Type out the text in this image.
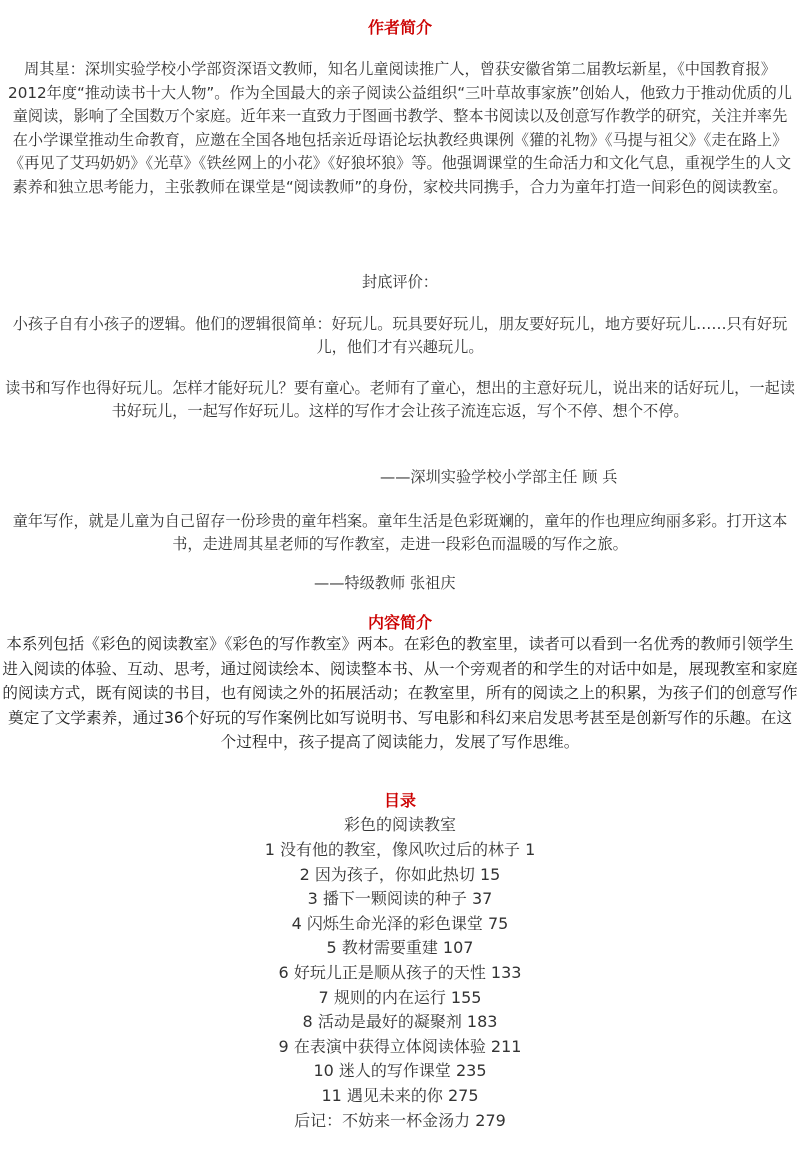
作者简介

周其星：深圳实验学校小学部资深语文教师，知名儿童阅读推广人，曾获安徽省第二届教坛新星，《中国教育报》2012年度“推动读书十大人物”。作为全国最大的亲子阅读公益组织“三叶草故事家族”创始人，他致力于推动优质的儿童阅读，影响了全国数万个家庭。近年来一直致力于图画书教学、整本书阅读以及创意写作教学的研究，关注并率先在小学课堂推动生命教育，应邀在全国各地包括亲近母语论坛执教经典课例《獾的礼物》《马提与祖父》《走在路上》《再见了艾玛奶奶》《光草》《铁丝网上的小花》《好狼坏狼》等。他强调课堂的生命活力和文化气息，重视学生的人文素养和独立思考能力，主张教师在课堂是“阅读教师”的身份，家校共同携手，合力为童年打造一间彩色的阅读教室。

封底评价：

小孩子自有小孩子的逻辑。他们的逻辑很简单：好玩儿。玩具要好玩儿，朋友要好玩儿，地方要好玩儿……只有好玩儿，他们才有兴趣玩儿。

读书和写作也得好玩儿。怎样才能好玩儿？要有童心。老师有了童心，想出的主意好玩儿，说出来的话好玩儿，一起读书好玩儿，一起写作好玩儿。这样的写作才会让孩子流连忘返，写个不停、想个不停。

——深圳实验学校小学部主任 顾 兵

童年写作，就是儿童为自己留存一份珍贵的童年档案。童年生活是色彩斑斓的，童年的作也理应绚丽多彩。打开这本书，走进周其星老师的写作教室，走进一段彩色而温暖的写作之旅。

——特级教师 张祖庆

内容简介

本系列包括《彩色的阅读教室》《彩色的写作教室》两本。在彩色的教室里，读者可以看到一名优秀的教师引领学生进入阅读的体验、互动、思考，通过阅读绘本、阅读整本书、从一个旁观者的和学生的对话中如是，展现教室和家庭的阅读方式，既有阅读的书目，也有阅读之外的拓展活动；在教室里，所有的阅读之上的积累，为孩子们的创意写作奠定了文学素养，通过36个好玩的写作案例比如写说明书、写电影和科幻来启发思考甚至是创新写作的乐趣。在这个过程中，孩子提高了阅读能力，发展了写作思维。

目录
彩色的阅读教室
1 没有他的教室，像风吹过后的林子 1
2 因为孩子，你如此热切 15
3 播下一颗阅读的种子 37
4 闪烁生命光泽的彩色课堂 75
5 教材需要重建 107
6 好玩儿正是顺从孩子的天性 133
7 规则的内在运行 155
8 活动是最好的凝聚剂 183
9 在表演中获得立体阅读体验 211
10 迷人的写作课堂 235
11 遇见未来的你 275
后记：不妨来一杯金汤力 279
